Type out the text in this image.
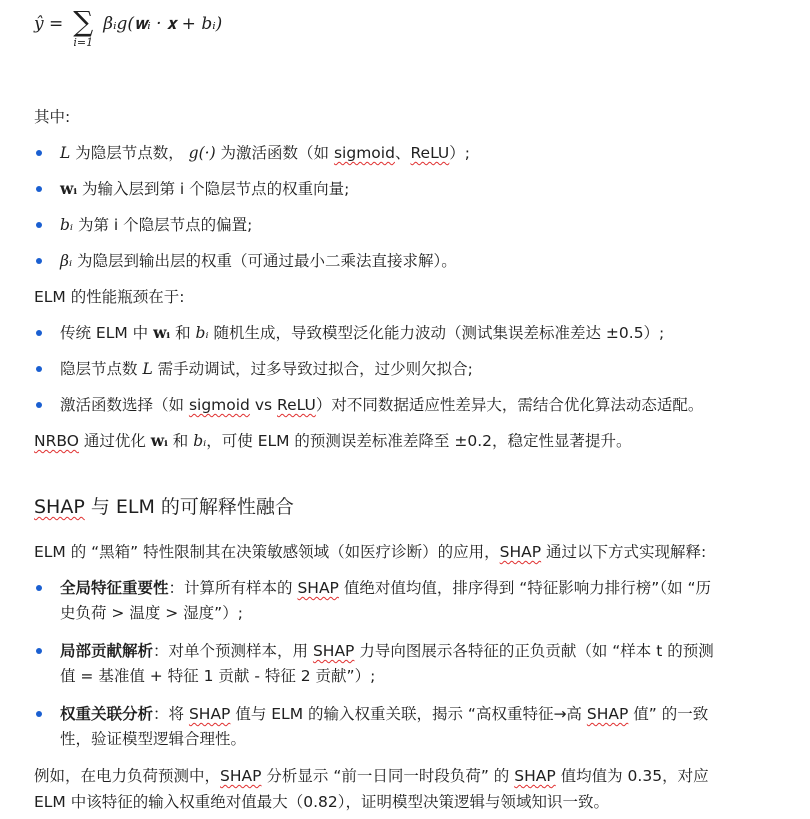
ŷ = ∑
i=1
βᵢg(𝐰ᵢ · 𝐱 + bᵢ)
其中:
L 为隐层节点数， g(·) 为激活函数（如 sigmoid、ReLU）;
𝐰ᵢ 为输入层到第 i 个隐层节点的权重向量;
bᵢ 为第 i 个隐层节点的偏置;
βᵢ 为隐层到输出层的权重（可通过最小二乘法直接求解）。
ELM 的性能瓶颈在于:
传统 ELM 中 𝐰ᵢ 和 bᵢ 随机生成，导致模型泛化能力波动（测试集误差标准差达 ±0.5）;
隐层节点数 L 需手动调试，过多导致过拟合，过少则欠拟合;
激活函数选择（如 sigmoid vs ReLU）对不同数据适应性差异大，需结合优化算法动态适配。
NRBO 通过优化 𝐰ᵢ 和 bᵢ，可使 ELM 的预测误差标准差降至 ±0.2，稳定性显著提升。
SHAP 与 ELM 的可解释性融合
ELM 的 “黑箱” 特性限制其在决策敏感领域（如医疗诊断）的应用，SHAP 通过以下方式实现解释:
全局特征重要性：计算所有样本的 SHAP 值绝对值均值，排序得到 “特征影响力排行榜”（如 “历
史负荷 > 温度 > 湿度”）;
局部贡献解析：对单个预测样本，用 SHAP 力导向图展示各特征的正负贡献（如 “样本 t 的预测
值 = 基准值 + 特征 1 贡献 - 特征 2 贡献”）;
权重关联分析：将 SHAP 值与 ELM 的输入权重关联，揭示 “高权重特征→高 SHAP 值” 的一致
性，验证模型逻辑合理性。
例如，在电力负荷预测中，SHAP 分析显示 “前一日同一时段负荷” 的 SHAP 值均值为 0.35，对应
ELM 中该特征的输入权重绝对值最大（0.82），证明模型决策逻辑与领域知识一致。
